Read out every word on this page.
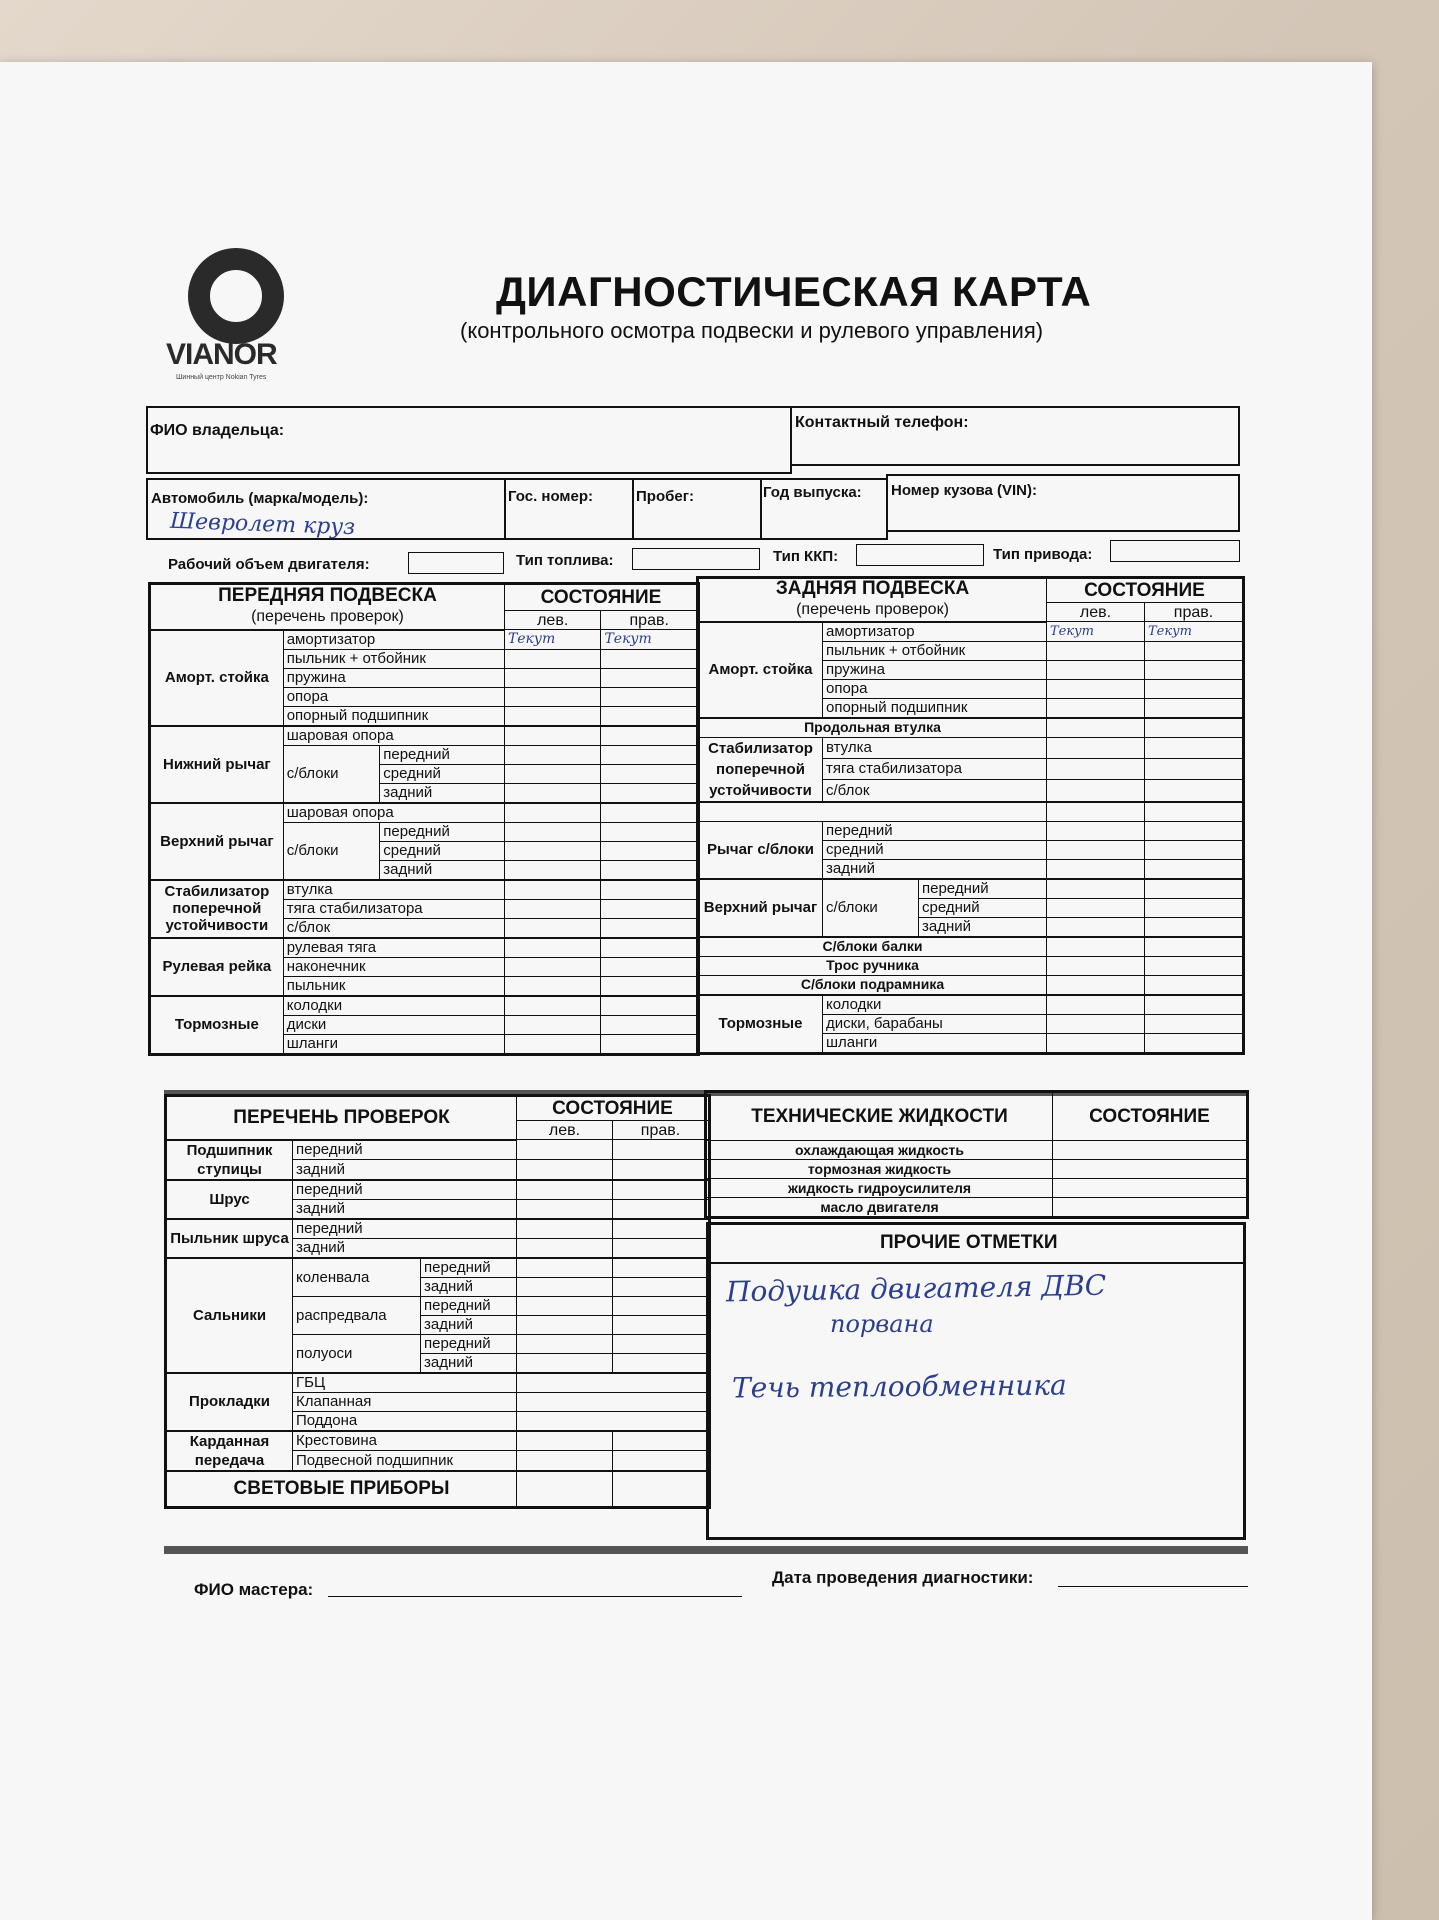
VIANOR
Шинный центр Nokian Tyres
ДИАГНОСТИЧЕСКАЯ КАРТА
(контрольного осмотра подвески и рулевого управления)
ФИО владельца:	Контактный телефон:
Автомобиль (марка/модель):	Гос. номер:	Пробег:	Год выпуска: Номер кузова (VIN):
Шевролет круз
Рабочий объем двигателя:	Тип топлива:	Тип ККП:	Тип привода:
ПЕРЕДНЯЯ ПОДВЕСКА
(перечень проверок)			СОСТОЯНИЕ	
			лев.	прав.
Аморт. стойка	амортизатор		Текут	Текут
	пыльник + отбойник			
	пружина			
	опора			
	опорный подшипник			
Нижний рычаг	шаровая опора			
	с/блоки	передний		
		средний		
		задний		
Верхний рычаг	шаровая опора			
	с/блоки	передний		
		средний		
		задний		
Стабилизатор поперечной устойчивости	втулка			
	тяга стабилизатора			
	с/блок			
Рулевая рейка	рулевая тяга			
	наконечник			
	пыльник			
Тормозные	колодки			
	диски			
	шланги			
ЗАДНЯЯ ПОДВЕСКА
(перечень проверок)			СОСТОЯНИЕ	
			лев.	прав.
Аморт. стойка	амортизатор		Текут	Текут
	пыльник + отбойник			
	пружина			
	опора			
	опорный подшипник			
Продольная втулка				
Стабилизатор поперечной устойчивости	втулка			
	тяга стабилизатора			
	с/блок			

Рычаг с/блоки	передний			
	средний			
	задний			
Верхний рычаг	с/блоки	передний		
		средний		
		задний		
С/блоки балки				
Трос ручника				
С/блоки подрамника				
Тормозные	колодки			
	диски, барабаны			
	шланги			
ПЕРЕЧЕНЬ ПРОВЕРОК			СОСТОЯНИЕ	
			лев.	прав.
Подшипник ступицы	передний			
	задний			
Шрус	передний			
	задний			
Пыльник шруса	передний			
	задний			
Сальники	коленвала	передний		
		задний		
	распредвала	передний		
		задний		
	полуоси	передний		
		задний		
Прокладки	ГБЦ			
	Клапанная			
	Поддона			
Карданная передача	Крестовина			
	Подвесной подшипник			
СВЕТОВЫЕ ПРИБОРЫ				
ТЕХНИЧЕСКИЕ ЖИДКОСТИ	СОСТОЯНИЕ
охлаждающая жидкость	
тормозная жидкость	
жидкость гидроусилителя	
масло двигателя	
ПРОЧИЕ ОТМЕТКИ
Подушка двигателя ДВС
порвана
Течь теплообменника
ФИО мастера:
Дата проведения диагностики:
